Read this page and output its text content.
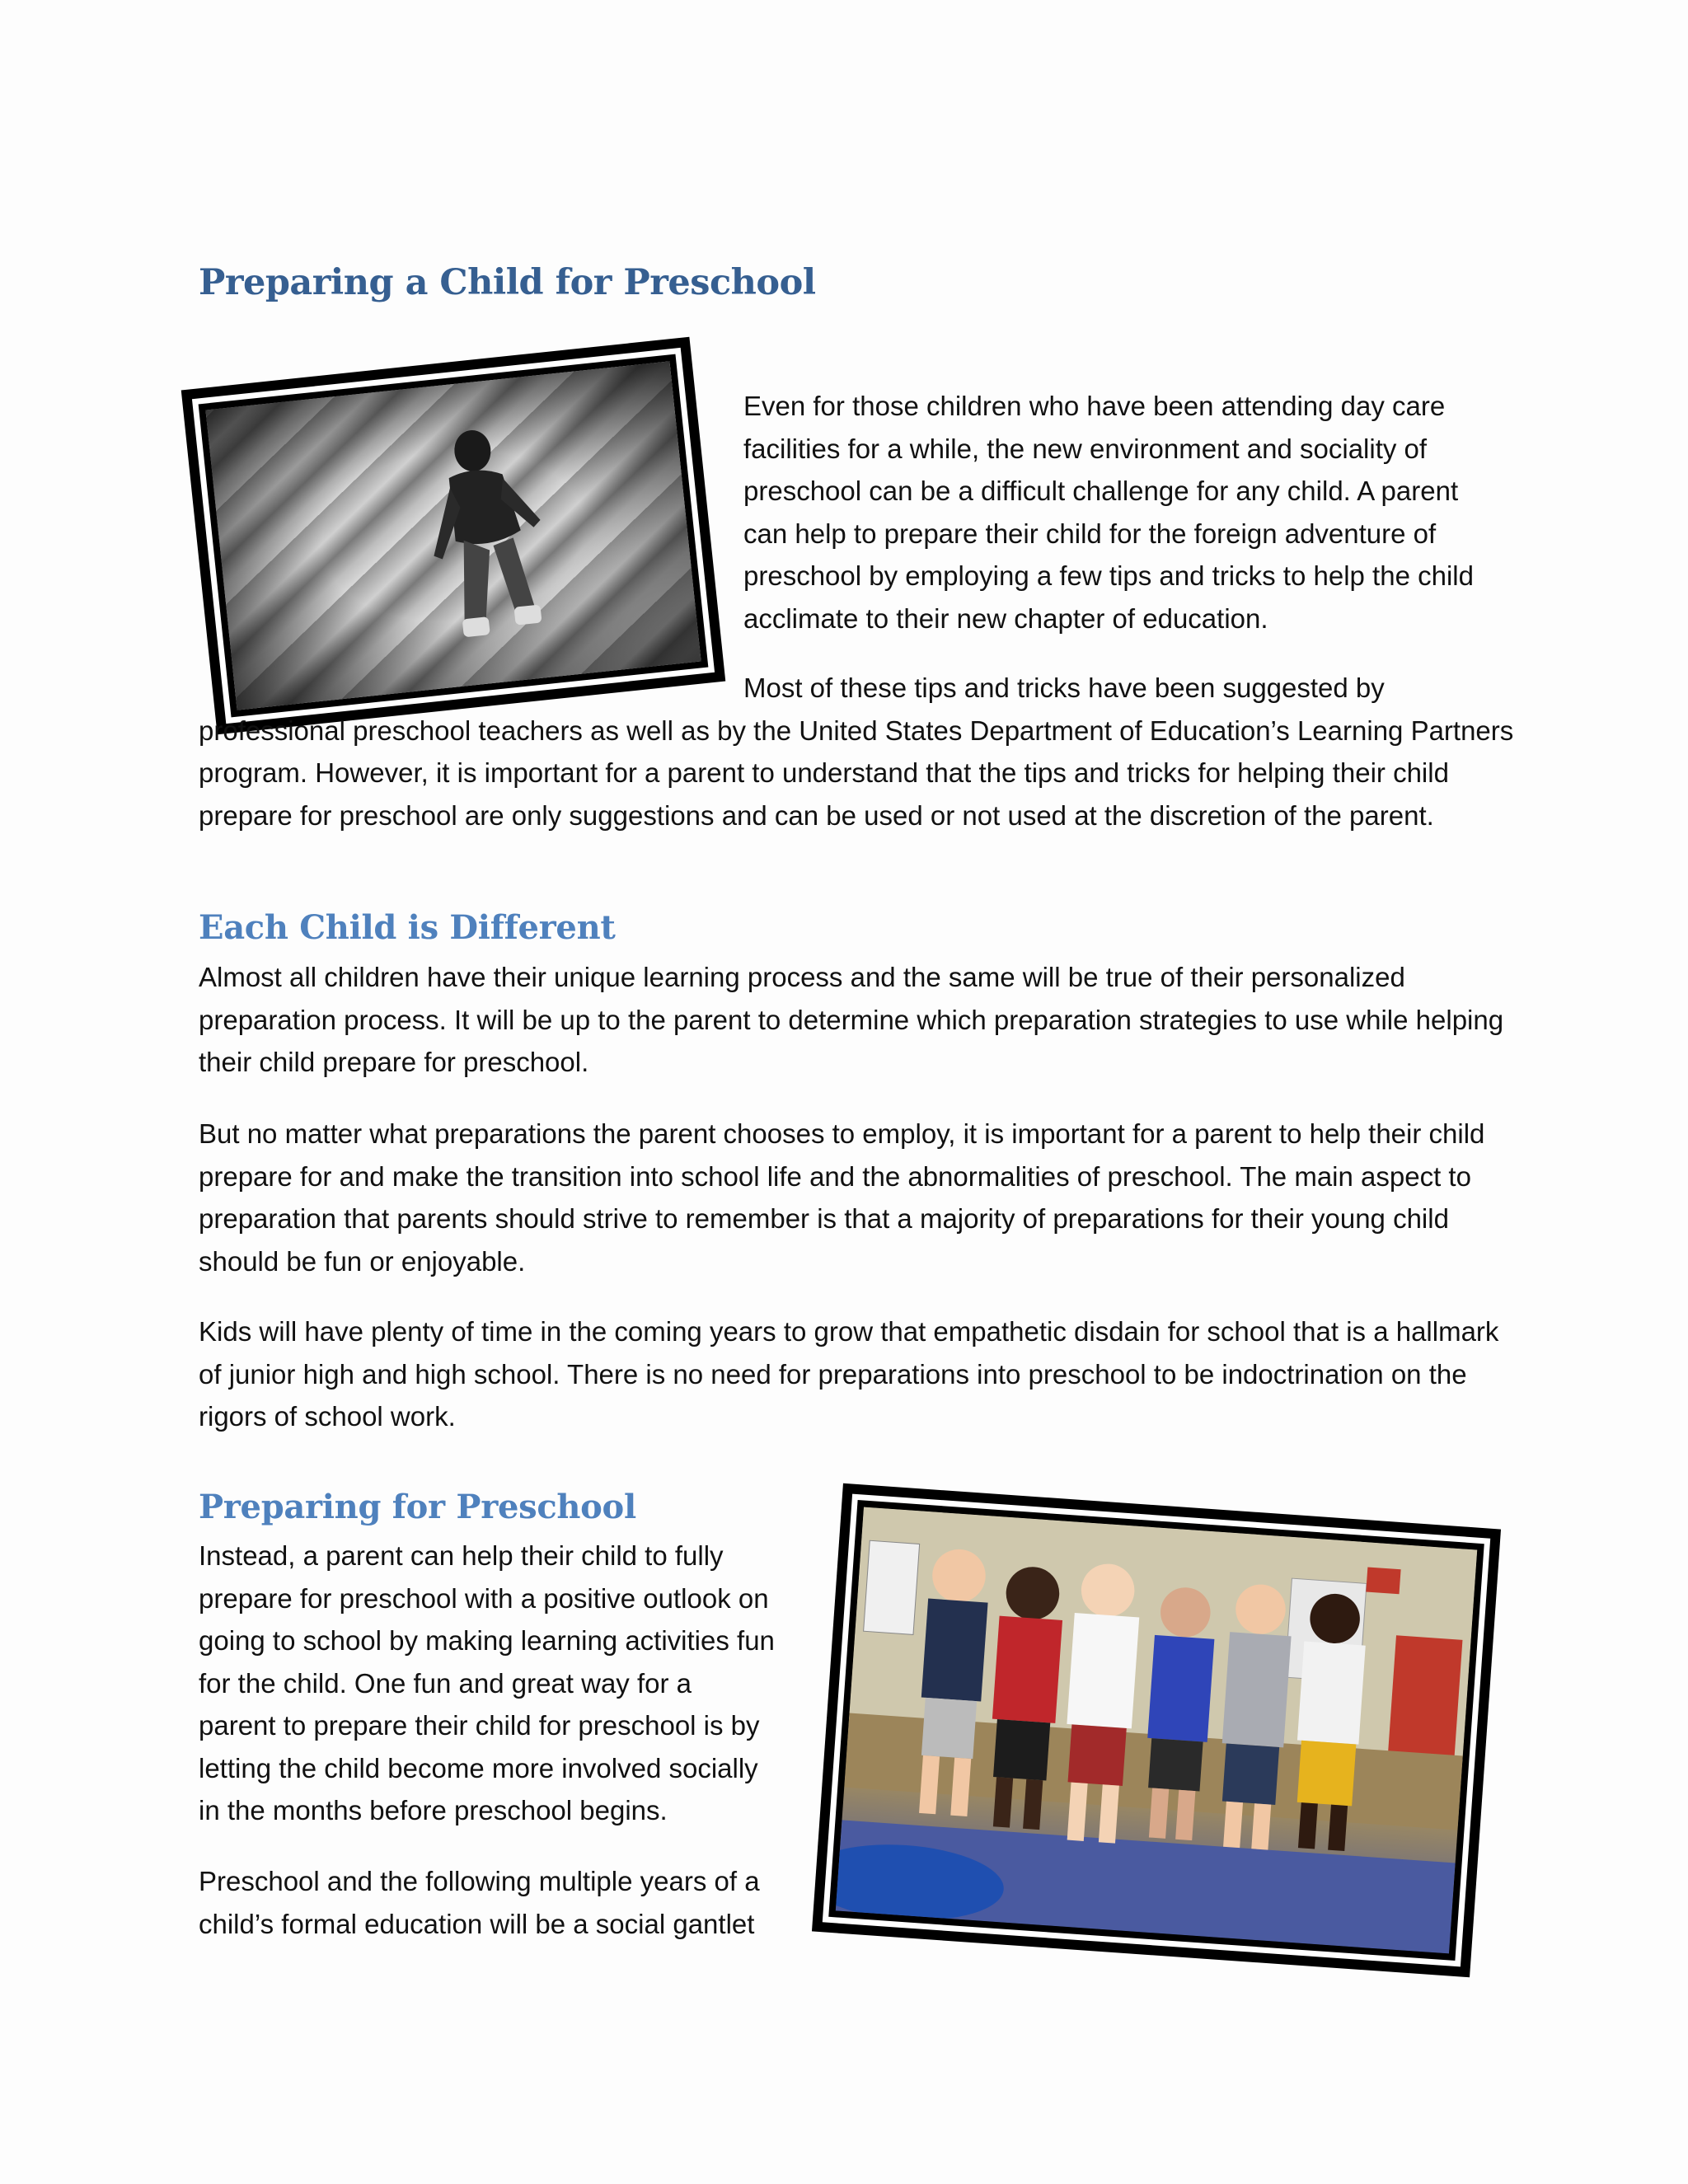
Preparing a Child for Preschool

Even for those children who have been attending day care facilities for a while, the new environment and sociality of preschool can be a difficult challenge for any child. A parent can help to prepare their child for the foreign adventure of preschool by employing a few tips and tricks to help the child acclimate to their new chapter of education.

Most of these tips and tricks have been suggested by professional preschool teachers as well as by the United States Department of Education’s Learning Partners program. However, it is important for a parent to understand that the tips and tricks for helping their child prepare for preschool are only suggestions and can be used or not used at the discretion of the parent.

Each Child is Different

Almost all children have their unique learning process and the same will be true of their personalized preparation process. It will be up to the parent to determine which preparation strategies to use while helping their child prepare for preschool.

But no matter what preparations the parent chooses to employ, it is important for a parent to help their child prepare for and make the transition into school life and the abnormalities of preschool. The main aspect to preparation that parents should strive to remember is that a majority of preparations for their young child should be fun or enjoyable.

Kids will have plenty of time in the coming years to grow that empathetic disdain for school that is a hallmark of junior high and high school. There is no need for preparations into preschool to be indoctrination on the rigors of school work.

Preparing for Preschool

Instead, a parent can help their child to fully prepare for preschool with a positive outlook on going to school by making learning activities fun for the child. One fun and great way for a parent to prepare their child for preschool is by letting the child become more involved socially in the months before preschool begins.

Preschool and the following multiple years of a child’s formal education will be a social gantlet
